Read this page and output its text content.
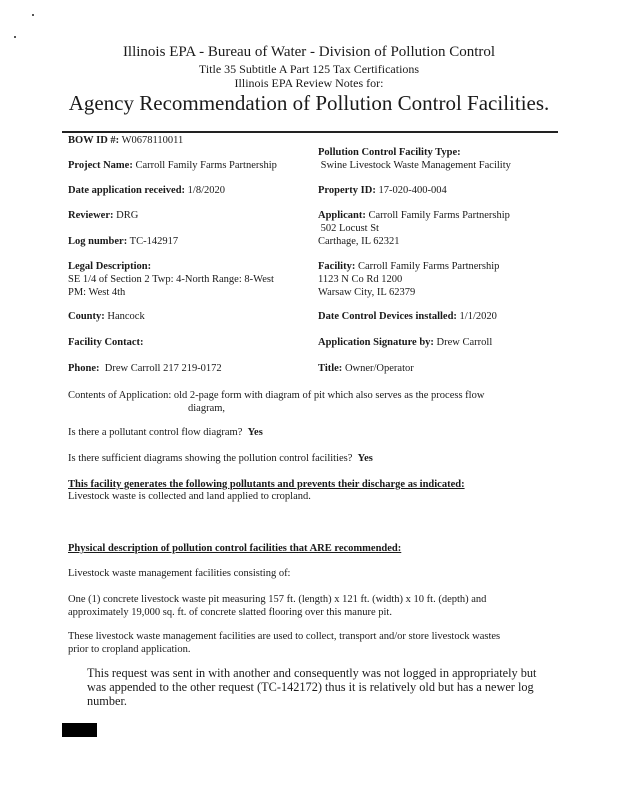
Illinois EPA - Bureau of Water - Division of Pollution Control
Title 35 Subtitle A Part 125 Tax Certifications
Illinois EPA Review Notes for:
Agency Recommendation of Pollution Control Facilities.
BOW ID #: W0678110011
Project Name: Carroll Family Farms Partnership
Date application received: 1/8/2020
Reviewer: DRG
Log number: TC-142917
Legal Description:
SE 1/4 of Section 2 Twp: 4-North Range: 8-West
PM: West 4th
County: Hancock
Facility Contact:
Phone: Drew Carroll 217 219-0172
Pollution Control Facility Type:
Swine Livestock Waste Management Facility
Property ID: 17-020-400-004
Applicant: Carroll Family Farms Partnership
502 Locust St
Carthage, IL 62321
Facility: Carroll Family Farms Partnership
1123 N Co Rd 1200
Warsaw City, IL 62379
Date Control Devices installed: 1/1/2020
Application Signature by: Drew Carroll
Title: Owner/Operator
Contents of Application: old 2-page form with diagram of pit which also serves as the process flow
diagram,
Is there a pollutant control flow diagram? Yes
Is there sufficient diagrams showing the pollution control facilities? Yes
This facility generates the following pollutants and prevents their discharge as indicated:
Livestock waste is collected and land applied to cropland.
Physical description of pollution control facilities that ARE recommended:
Livestock waste management facilities consisting of:
One (1) concrete livestock waste pit measuring 157 ft. (length) x 121 ft. (width) x 10 ft. (depth) and
approximately 19,000 sq. ft. of concrete slatted flooring over this manure pit.
These livestock waste management facilities are used to collect, transport and/or store livestock wastes
prior to cropland application.
This request was sent in with another and consequently was not logged in appropriately but
was appended to the other request (TC-142172) thus it is relatively old but has a newer log
number.
